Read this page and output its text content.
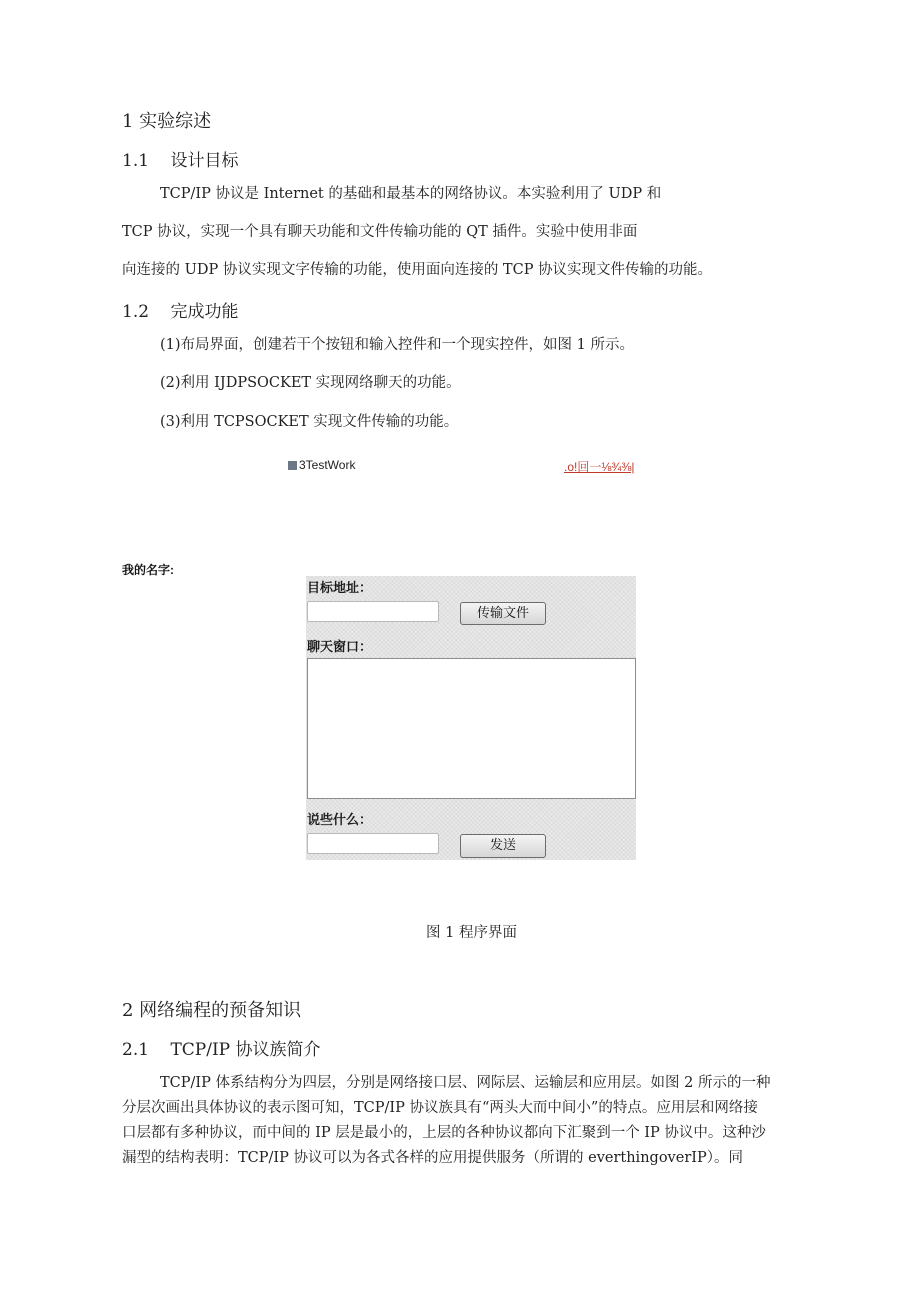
1 实验综述
1.1 设计目标
TCP/IP 协议是 Internet 的基础和最基本的网络协议。本实验利用了 UDP 和
TCP 协议，实现一个具有聊天功能和文件传输功能的 QT 插件。实验中使用非面
向连接的 UDP 协议实现文字传输的功能，使用面向连接的 TCP 协议实现文件传输的功能。
1.2 完成功能
(1)布局界面，创建若干个按钮和输入控件和一个现实控件，如图 1 所示。
(2)利用 IJDPSOCKET 实现网络聊天的功能。
(3)利用 TCPSOCKET 实现文件传输的功能。
3TestWork	.o!回一⅛¾⅜|
我的名字:
目标地址：
传输文件
聊天窗口：
说些什么：
发送
图 1 程序界面
2 网络编程的预备知识
2.1 TCP/IP 协议族简介
TCP/IP 体系结构分为四层，分别是网络接口层、网际层、运输层和应用层。如图 2 所示的一种
分层次画出具体协议的表示图可知，TCP/IP 协议族具有“两头大而中间小”的特点。应用层和网络接
口层都有多种协议，而中间的 IP 层是最小的，上层的各种协议都向下汇聚到一个 IP 协议中。这种沙
漏型的结构表明：TCP/IP 协议可以为各式各样的应用提供服务（所谓的 everthingoverIP）。同
